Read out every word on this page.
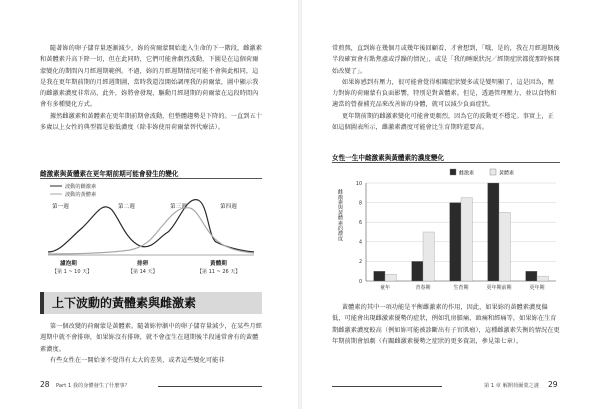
隨著妳的卵子儲存量逐漸減少，妳的荷爾蒙開始進入生命的下一階段，雌激素和黃體素升高下降一切，但在此同時，它們可能會劇烈波動，下圖是在這個荷爾蒙變化的期間內月經週期範例。不過，妳的月經週期情況可能不會與此相同，這是我在更年期前期的月經週期圖，當時我還沒開始調理我的荷爾蒙，圖中顯示我的雌激素濃度非常高，此外，妳將會發現，驅動月經週期的荷爾蒙在這段時間內會有多種變化方式。

據然雌激素和黃體素在更年期前期會波動，但整體趨勢是下降的。一直到五十多歲以上女性的典型都是較低濃度（除非妳使用荷爾蒙替代療法）。

雌激素與黃體素在更年期前期可能會發生的變化
波動的雌激素
波動的黃體素
第一週	第二週	第三週	第四週
濾泡期
【第 1 ~ 10 天】
排卵
【第 14 天】
黃體期
【第 11 ~ 26 天】
上下波動的黃體素與雌激素

第一個改變的荷爾蒙是黃體素。隨著妳停漸中的卵子儲存量減少，在某些月經週期中就不會排卵，如果妳沒有排卵，就不會產生在週期後半段通常會有的黃體素濃度。

有些女性在一開始並不覺得有太大的差異，或者這些變化可能非

28 Part 1 我的身體發生了什麼事？

常煎熬，直到妳在幾個月或幾年後回顧看，才會想到，「哦，是的，我在月經週期後半段確實會有點焦慮或浮躁的情況」，或是「我的睡眠狀況／經期症狀都從那時候開始改變了」。

如果妳感到有壓力，很可能會覺得相關症狀變多或是變明顯了，這是因為，壓力對妳的荷爾蒙有負面影響，特別是對黃體素。但是，透過管理壓力，並以食物和適當的營養補充品來改善妳的身體，就可以減少負面症狀。

更年期前期的雌激素變化可能會更劇烈，因為它的波動更不穩定。事實上，正如這個圖表所示，雌激素濃度可能會比生育期時還要高。

女性一生中雌激素與黃體素的濃度變化
雌激素與黃體素的濃度
0
2
4
6
8
10
雌激素	黃體素
童年	青春期	生育期	更年期前期	更年期

黃體素的其中一項功能是平衡雌激素的作用，因此，如果妳的黃體素濃度偏低，可能會出現雌激素優勢的症狀，例如乳房脹痛、頭痛和經痛等，如果妳在生育期雌激素濃度較高（例如妳可能被診斷出有子宮肌瘤），這種雌激素失衡的情況在更年期前期會加劇（有關雌激素優勢之症狀的更多資訊，參見第七章）。

第 1 章 解開荷爾蒙之謎 29
